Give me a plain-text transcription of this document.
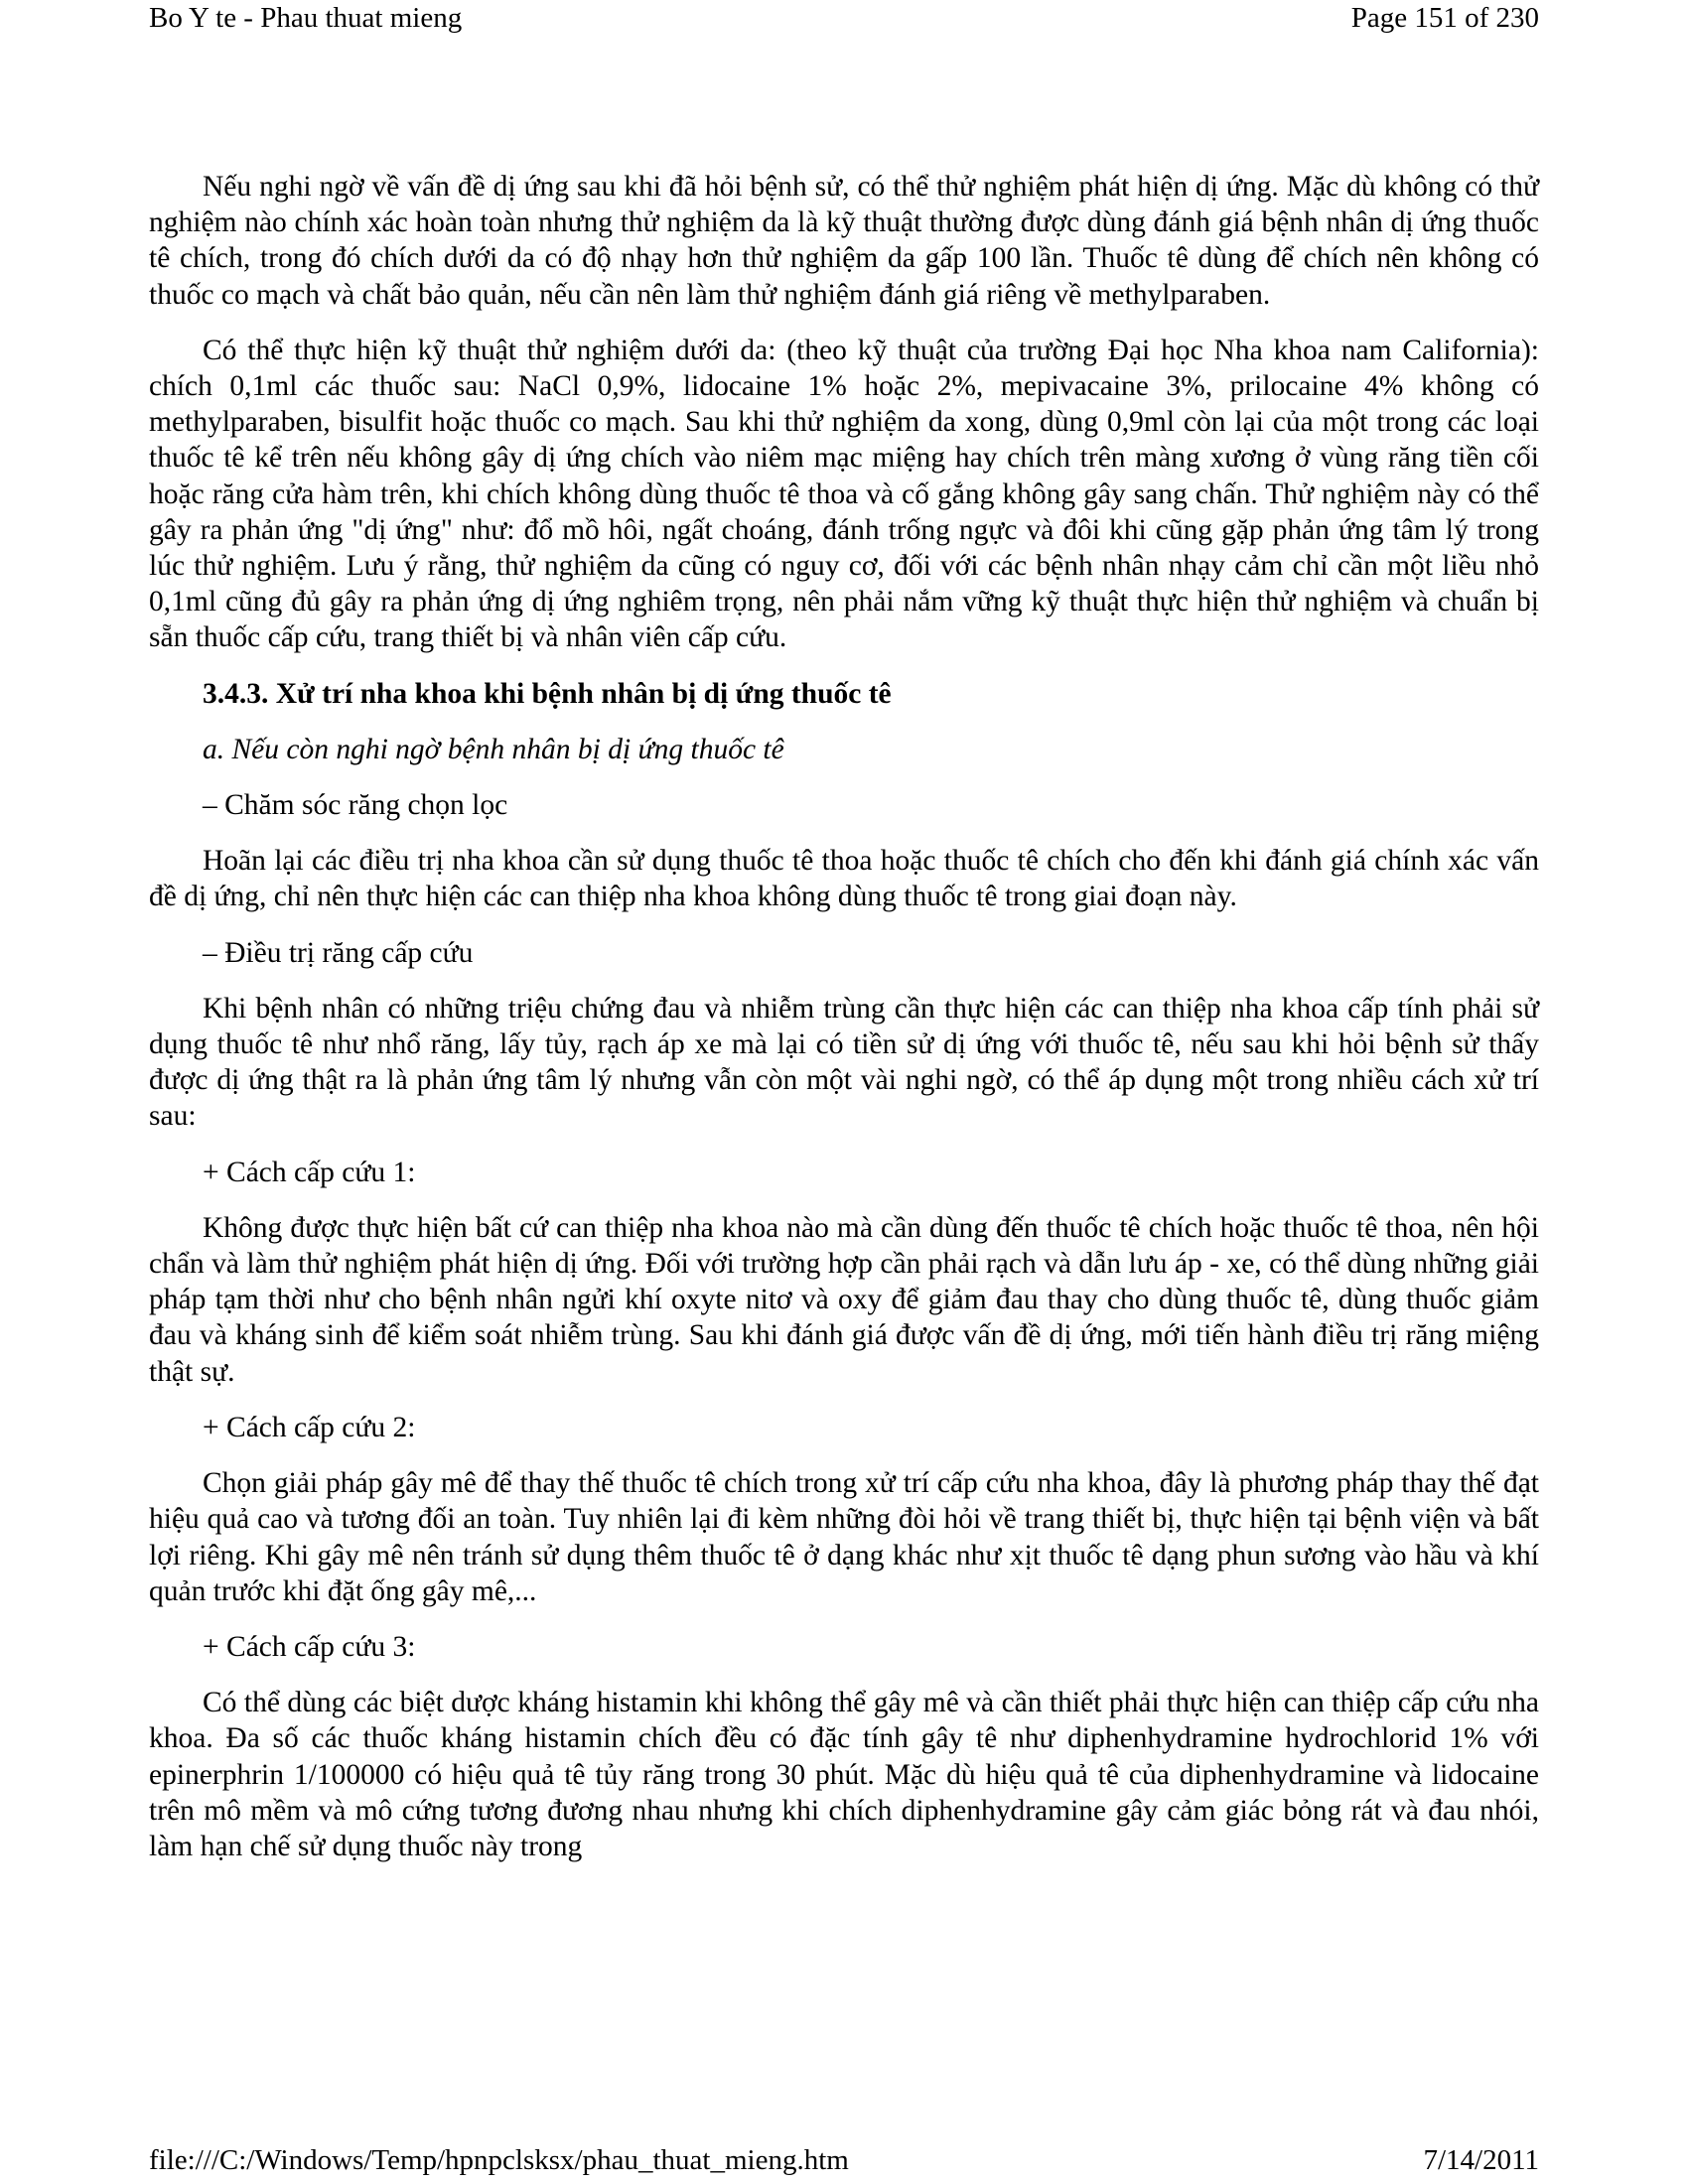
Bo Y te - Phau thuat mieng	Page 151 of 230

Nếu nghi ngờ về vấn đề dị ứng sau khi đã hỏi bệnh sử, có thể thử nghiệm phát hiện dị ứng. Mặc dù không có thử nghiệm nào chính xác hoàn toàn nhưng thử nghiệm da là kỹ thuật thường được dùng đánh giá bệnh nhân dị ứng thuốc tê chích, trong đó chích dưới da có độ nhạy hơn thử nghiệm da gấp 100 lần. Thuốc tê dùng để chích nên không có thuốc co mạch và chất bảo quản, nếu cần nên làm thử nghiệm đánh giá riêng về methylparaben.

Có thể thực hiện kỹ thuật thử nghiệm dưới da: (theo kỹ thuật của trường Đại học Nha khoa nam California): chích 0,1ml các thuốc sau: NaCl 0,9%, lidocaine 1% hoặc 2%, mepivacaine 3%, prilocaine 4% không có methylparaben, bisulfit hoặc thuốc co mạch. Sau khi thử nghiệm da xong, dùng 0,9ml còn lại của một trong các loại thuốc tê kể trên nếu không gây dị ứng chích vào niêm mạc miệng hay chích trên màng xương ở vùng răng tiền cối hoặc răng cửa hàm trên, khi chích không dùng thuốc tê thoa và cố gắng không gây sang chấn. Thử nghiệm này có thể gây ra phản ứng "dị ứng" như: đổ mồ hôi, ngất choáng, đánh trống ngực và đôi khi cũng gặp phản ứng tâm lý trong lúc thử nghiệm. Lưu ý rằng, thử nghiệm da cũng có nguy cơ, đối với các bệnh nhân nhạy cảm chỉ cần một liều nhỏ 0,1ml cũng đủ gây ra phản ứng dị ứng nghiêm trọng, nên phải nắm vững kỹ thuật thực hiện thử nghiệm và chuẩn bị sẵn thuốc cấp cứu, trang thiết bị và nhân viên cấp cứu.

3.4.3. Xử trí nha khoa khi bệnh nhân bị dị ứng thuốc tê
a. Nếu còn nghi ngờ bệnh nhân bị dị ứng thuốc tê
– Chăm sóc răng chọn lọc

Hoãn lại các điều trị nha khoa cần sử dụng thuốc tê thoa hoặc thuốc tê chích cho đến khi đánh giá chính xác vấn đề dị ứng, chỉ nên thực hiện các can thiệp nha khoa không dùng thuốc tê trong giai đoạn này.

– Điều trị răng cấp cứu

Khi bệnh nhân có những triệu chứng đau và nhiễm trùng cần thực hiện các can thiệp nha khoa cấp tính phải sử dụng thuốc tê như nhổ răng, lấy tủy, rạch áp xe mà lại có tiền sử dị ứng với thuốc tê, nếu sau khi hỏi bệnh sử thấy được dị ứng thật ra là phản ứng tâm lý nhưng vẫn còn một vài nghi ngờ, có thể áp dụng một trong nhiều cách xử trí sau:

+ Cách cấp cứu 1:

Không được thực hiện bất cứ can thiệp nha khoa nào mà cần dùng đến thuốc tê chích hoặc thuốc tê thoa, nên hội chẩn và làm thử nghiệm phát hiện dị ứng. Đối với trường hợp cần phải rạch và dẫn lưu áp - xe, có thể dùng những giải pháp tạm thời như cho bệnh nhân ngửi khí oxyte nitơ và oxy để giảm đau thay cho dùng thuốc tê, dùng thuốc giảm đau và kháng sinh để kiểm soát nhiễm trùng. Sau khi đánh giá được vấn đề dị ứng, mới tiến hành điều trị răng miệng thật sự.

+ Cách cấp cứu 2:

Chọn giải pháp gây mê để thay thế thuốc tê chích trong xử trí cấp cứu nha khoa, đây là phương pháp thay thế đạt hiệu quả cao và tương đối an toàn. Tuy nhiên lại đi kèm những đòi hỏi về trang thiết bị, thực hiện tại bệnh viện và bất lợi riêng. Khi gây mê nên tránh sử dụng thêm thuốc tê ở dạng khác như xịt thuốc tê dạng phun sương vào hầu và khí quản trước khi đặt ống gây mê,...

+ Cách cấp cứu 3:

Có thể dùng các biệt dược kháng histamin khi không thể gây mê và cần thiết phải thực hiện can thiệp cấp cứu nha khoa. Đa số các thuốc kháng histamin chích đều có đặc tính gây tê như diphenhydramine hydrochlorid 1% với epinerphrin 1/100000 có hiệu quả tê tủy răng trong 30 phút. Mặc dù hiệu quả tê của diphenhydramine và lidocaine trên mô mềm và mô cứng tương đương nhau nhưng khi chích diphenhydramine gây cảm giác bỏng rát và đau nhói, làm hạn chế sử dụng thuốc này trong

file:///C:/Windows/Temp/hpnpclsksx/phau_thuat_mieng.htm	7/14/2011
